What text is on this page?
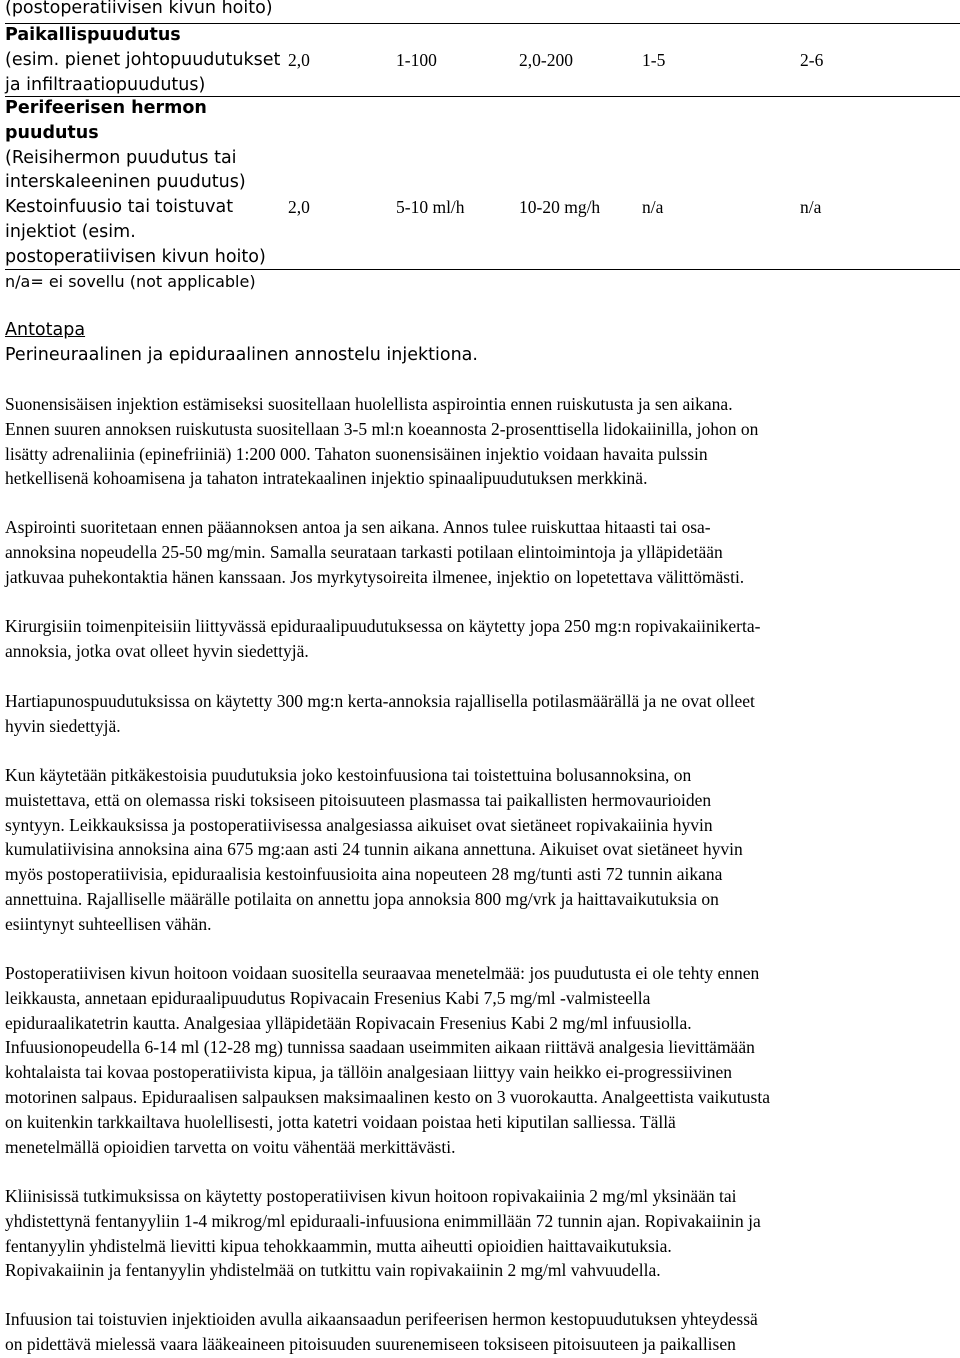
(postoperatiivisen kivun hoito)
Paikallispuudutus
(esim. pienet johtopuudutukset
ja infiltraatiopuudutus)
2,0	1-100	2,0-200	1-5	2-6
Perifeerisen hermon
puudutus
(Reisihermon puudutus tai
interskaleeninen puudutus)
Kestoinfuusio tai toistuvat
injektiot (esim.
postoperatiivisen kivun hoito)
2,0	5-10 ml/h	10-20 mg/h n/a	n/a
n/a= ei sovellu (not applicable)
Antotapa
Perineuraalinen ja epiduraalinen annostelu injektiona.
Suonensisäisen injektion estämiseksi suositellaan huolellista aspirointia ennen ruiskutusta ja sen aikana.
Ennen suuren annoksen ruiskutusta suositellaan 3-5 ml:n koeannosta 2-prosenttisella lidokaiinilla, johon on
lisätty adrenaliinia (epinefriiniä) 1:200 000. Tahaton suonensisäinen injektio voidaan havaita pulssin
hetkellisenä kohoamisena ja tahaton intratekaalinen injektio spinaalipuudutuksen merkkinä.
Aspirointi suoritetaan ennen pääannoksen antoa ja sen aikana. Annos tulee ruiskuttaa hitaasti tai osa-
annoksina nopeudella 25-50 mg/min. Samalla seurataan tarkasti potilaan elintoimintoja ja ylläpidetään
jatkuvaa puhekontaktia hänen kanssaan. Jos myrkytysoireita ilmenee, injektio on lopetettava välittömästi.
Kirurgisiin toimenpiteisiin liittyvässä epiduraalipuudutuksessa on käytetty jopa 250 mg:n ropivakaiinikerta-
annoksia, jotka ovat olleet hyvin siedettyjä.
Hartiapunospuudutuksissa on käytetty 300 mg:n kerta-annoksia rajallisella potilasmäärällä ja ne ovat olleet
hyvin siedettyjä.
Kun käytetään pitkäkestoisia puudutuksia joko kestoinfuusiona tai toistettuina bolusannoksina, on
muistettava, että on olemassa riski toksiseen pitoisuuteen plasmassa tai paikallisten hermovaurioiden
syntyyn. Leikkauksissa ja postoperatiivisessa analgesiassa aikuiset ovat sietäneet ropivakaiinia hyvin
kumulatiivisina annoksina aina 675 mg:aan asti 24 tunnin aikana annettuna. Aikuiset ovat sietäneet hyvin
myös postoperatiivisia, epiduraalisia kestoinfuusioita aina nopeuteen 28 mg/tunti asti 72 tunnin aikana
annettuina. Rajalliselle määrälle potilaita on annettu jopa annoksia 800 mg/vrk ja haittavaikutuksia on
esiintynyt suhteellisen vähän.
Postoperatiivisen kivun hoitoon voidaan suositella seuraavaa menetelmää: jos puudutusta ei ole tehty ennen
leikkausta, annetaan epiduraalipuudutus Ropivacain Fresenius Kabi 7,5 mg/ml -valmisteella
epiduraalikatetrin kautta. Analgesiaa ylläpidetään Ropivacain Fresenius Kabi 2 mg/ml infuusiolla.
Infuusionopeudella 6-14 ml (12-28 mg) tunnissa saadaan useimmiten aikaan riittävä analgesia lievittämään
kohtalaista tai kovaa postoperatiivista kipua, ja tällöin analgesiaan liittyy vain heikko ei-progressiivinen
motorinen salpaus. Epiduraalisen salpauksen maksimaalinen kesto on 3 vuorokautta. Analgeettista vaikutusta
on kuitenkin tarkkailtava huolellisesti, jotta katetri voidaan poistaa heti kiputilan salliessa. Tällä
menetelmällä opioidien tarvetta on voitu vähentää merkittävästi.
Kliinisissä tutkimuksissa on käytetty postoperatiivisen kivun hoitoon ropivakaiinia 2 mg/ml yksinään tai
yhdistettynä fentanyyliin 1-4 mikrog/ml epiduraali-infuusiona enimmillään 72 tunnin ajan. Ropivakaiinin ja
fentanyylin yhdistelmä lievitti kipua tehokkaammin, mutta aiheutti opioidien haittavaikutuksia.
Ropivakaiinin ja fentanyylin yhdistelmää on tutkittu vain ropivakaiinin 2 mg/ml vahvuudella.
Infuusion tai toistuvien injektioiden avulla aikaansaadun perifeerisen hermon kestopuudutuksen yhteydessä
on pidettävä mielessä vaara lääkeaineen pitoisuuden suurenemiseen toksiseen pitoisuuteen ja paikallisen
